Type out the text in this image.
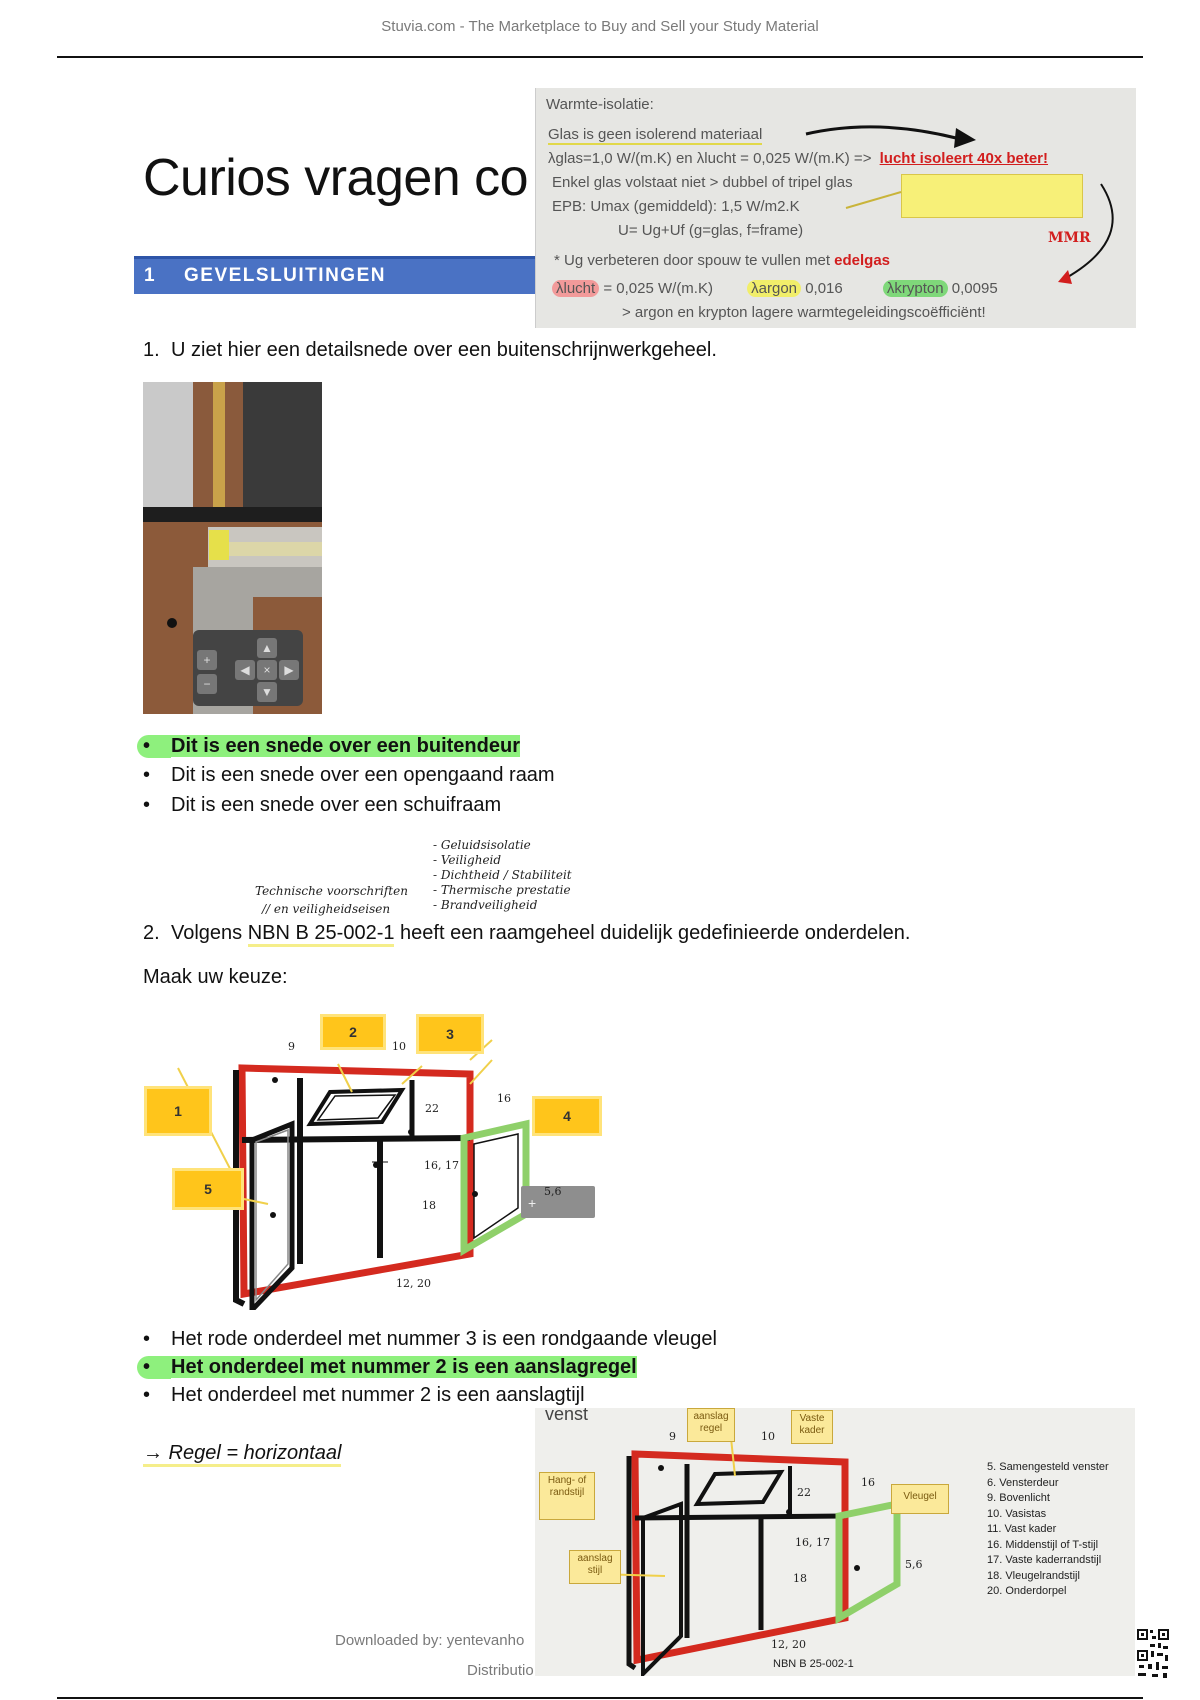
Stuvia.com - The Marketplace to Buy and Sell your Study Material
Curios vragen co
1 GEVELSLUITINGEN
Warmte-isolatie:
Glas is geen isolerend materiaal
λglas=1,0 W/(m.K) en λlucht = 0,025 W/(m.K) => lucht isoleert 40x beter!
Enkel glas volstaat niet > dubbel of tripel glas
EPB: Umax (gemiddeld): 1,5 W/m2.K
U= Ug+Uf (g=glas, f=frame)
* Ug verbeteren door spouw te vullen met edelgas
λlucht = 0,025 W/(m.K)	λargon 0,016	λkrypton 0,0095
> argon en krypton lagere warmtegeleidingscoëfficiënt!
MMR
1. U ziet hier een detailsnede over een buitenschrijnwerkgeheel.
+
−
▲
◀	×	▶
▼
• Dit is een snede over een buitendeur
• Dit is een snede over een opengaand raam
• Dit is een snede over een schuifraam
Technische voorschriften
// en veiligheidseisen
- Geluidsisolatie
- Veiligheid
- Dichtheid / Stabiliteit
- Thermische prestatie
- Brandveiligheid
2. Volgens NBN B 25-002-1 heeft een raamgeheel duidelijk gedefinieerde onderdelen.
Maak uw keuze:
+
1
2	3
4
5
9	10
16
22
16, 17
18
5,6
12, 20
• Het rode onderdeel met nummer 3 is een rondgaande vleugel
• Het onderdeel met nummer 2 is een aanslagregel
• Het onderdeel met nummer 2 is een aanslagtijl
→ Regel = horizontaal
venst	aanslag regel
Vaste kader
Hang- of randstijl	Vleugel
aanslag stijl
9	10
16
22
16, 17
18
5,6
12, 20
NBN B 25-002-1
5. Samengesteld venster
6. Vensterdeur
9. Bovenlicht
10. Vasistas
11. Vast kader
16. Middenstijl of T-stijl
17. Vaste kaderrandstijl
18. Vleugelrandstijl
20. Onderdorpel
Downloaded by: yentevanho
Distributio
